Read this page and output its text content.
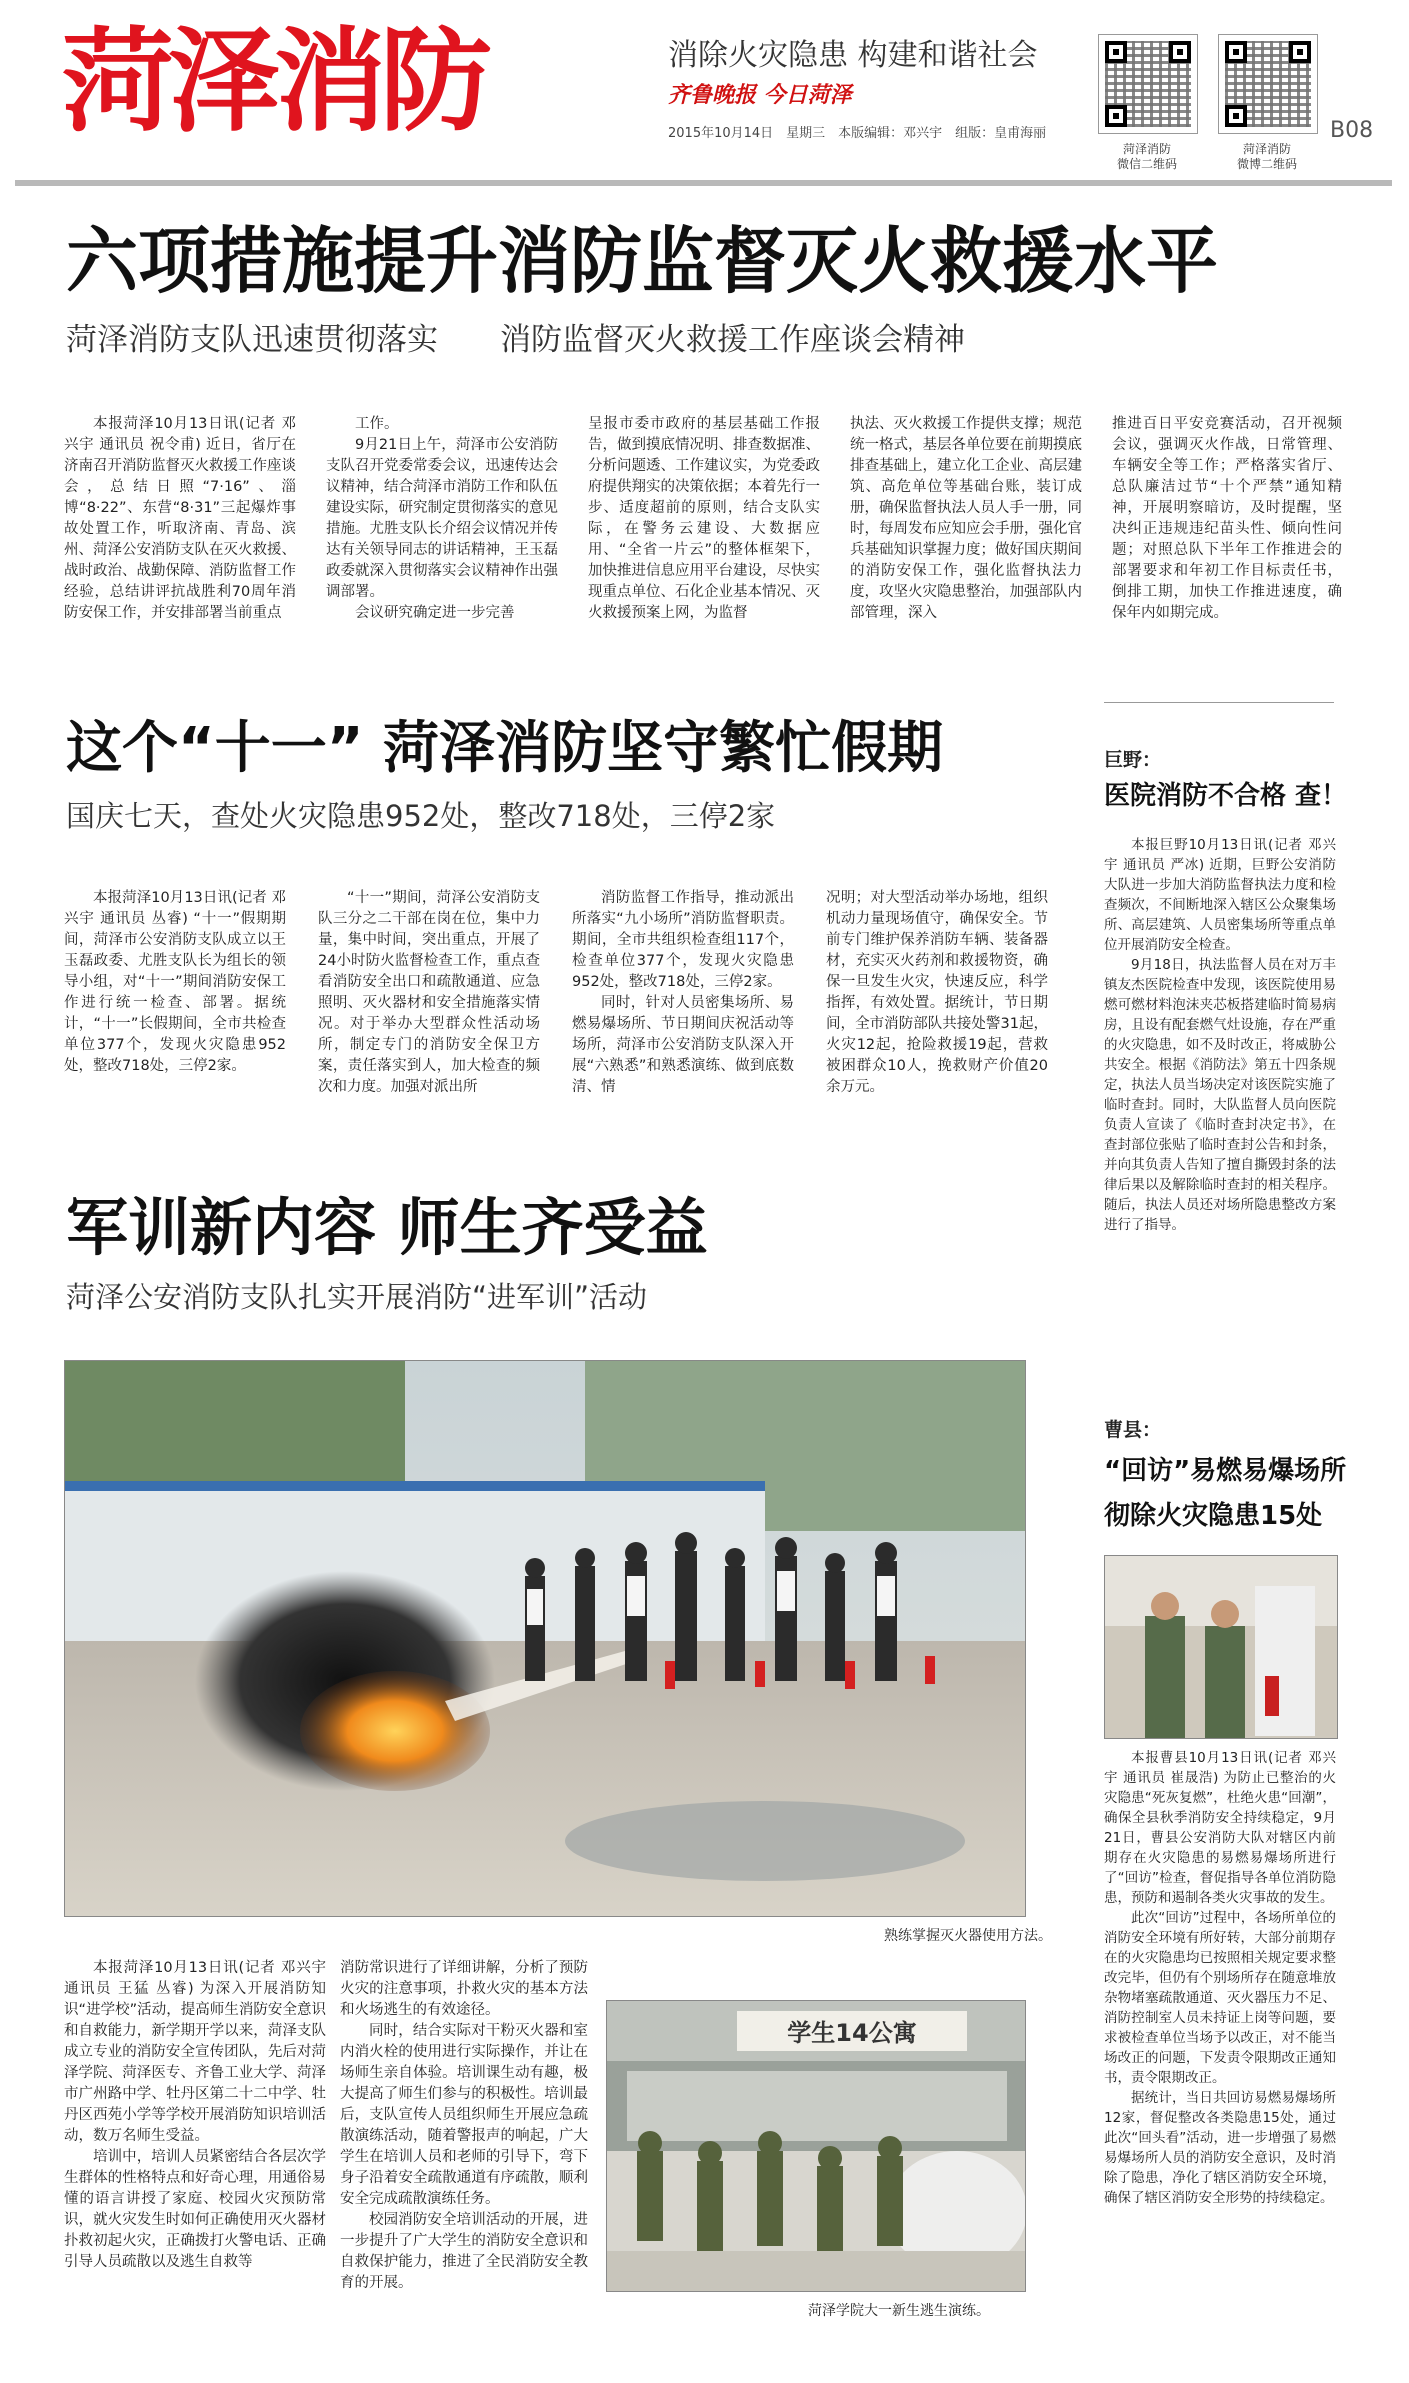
菏泽消防	消除火灾隐患 构建和谐社会
齐鲁晚报 今日菏泽
2015年10月14日　星期三　本版编辑：邓兴宇　组版：皇甫海丽
菏泽消防
微信二维码
菏泽消防
微博二维码
B08
六项措施提升消防监督灭火救援水平
菏泽消防支队迅速贯彻落实　　消防监督灭火救援工作座谈会精神

本报菏泽10月13日讯(记者 邓兴宇 通讯员 祝令甫) 近日，省厅在济南召开消防监督灭火救援工作座谈会，总结日照“7·16”、淄博“8·22”、东营“8·31”三起爆炸事故处置工作，听取济南、青岛、滨州、菏泽公安消防支队在灭火救援、战时政治、战勤保障、消防监督工作经验，总结讲评抗战胜利70周年消防安保工作，并安排部署当前重点

工作。

9月21日上午，菏泽市公安消防支队召开党委常委会议，迅速传达会议精神，结合菏泽市消防工作和队伍建设实际，研究制定贯彻落实的意见措施。尤胜支队长介绍会议情况并传达有关领导同志的讲话精神，王玉磊政委就深入贯彻落实会议精神作出强调部署。

会议研究确定进一步完善

呈报市委市政府的基层基础工作报告，做到摸底情况明、排查数据准、分析问题透、工作建议实，为党委政府提供翔实的决策依据；本着先行一步、适度超前的原则，结合支队实际，在警务云建设、大数据应用、“全省一片云”的整体框架下，加快推进信息应用平台建设，尽快实现重点单位、石化企业基本情况、灭火救援预案上网，为监督

执法、灭火救援工作提供支撑；规范统一格式，基层各单位要在前期摸底排查基础上，建立化工企业、高层建筑、高危单位等基础台账，装订成册，确保监督执法人员人手一册，同时，每周发布应知应会手册，强化官兵基础知识掌握力度；做好国庆期间的消防安保工作，强化监督执法力度，攻坚火灾隐患整治，加强部队内部管理，深入

推进百日平安竞赛活动，召开视频会议，强调灭火作战，日常管理、车辆安全等工作；严格落实省厅、总队廉洁过节“十个严禁”通知精神，开展明察暗访，及时提醒，坚决纠正违规违纪苗头性、倾向性问题；对照总队下半年工作推进会的部署要求和年初工作目标责任书，倒排工期，加快工作推进速度，确保年内如期完成。

这个“十一” 菏泽消防坚守繁忙假期
国庆七天，查处火灾隐患952处，整改718处，三停2家

本报菏泽10月13日讯(记者 邓兴宇 通讯员 丛睿) “十一”假期期间，菏泽市公安消防支队成立以王玉磊政委、尤胜支队长为组长的领导小组，对“十一”期间消防安保工作进行统一检查、部署。据统计，“十一”长假期间，全市共检查单位377个，发现火灾隐患952处，整改718处，三停2家。

“十一”期间，菏泽公安消防支队三分之二干部在岗在位，集中力量，集中时间，突出重点，开展了24小时防火监督检查工作，重点查看消防安全出口和疏散通道、应急照明、灭火器材和安全措施落实情况。对于举办大型群众性活动场所，制定专门的消防安全保卫方案，责任落实到人，加大检查的频次和力度。加强对派出所

消防监督工作指导，推动派出所落实“九小场所”消防监督职责。期间，全市共组织检查组117个，检查单位377个，发现火灾隐患952处，整改718处，三停2家。

同时，针对人员密集场所、易燃易爆场所、节日期间庆祝活动等场所，菏泽市公安消防支队深入开展“六熟悉”和熟悉演练、做到底数清、情

况明；对大型活动举办场地，组织机动力量现场值守，确保安全。节前专门维护保养消防车辆、装备器材，充实灭火药剂和救援物资，确保一旦发生火灾，快速反应，科学指挥，有效处置。据统计，节日期间，全市消防部队共接处警31起，火灾12起，抢险救援19起，营救被困群众10人，挽救财产价值20余万元。

军训新内容 师生齐受益
菏泽公安消防支队扎实开展消防“进军训”活动
熟练掌握灭火器使用方法。

本报菏泽10月13日讯(记者 邓兴宇 通讯员 王猛 丛睿) 为深入开展消防知识“进学校”活动，提高师生消防安全意识和自救能力，新学期开学以来，菏泽支队成立专业的消防安全宣传团队，先后对菏泽学院、菏泽医专、齐鲁工业大学、菏泽市广州路中学、牡丹区第二十二中学、牡丹区西苑小学等学校开展消防知识培训活动，数万名师生受益。

培训中，培训人员紧密结合各层次学生群体的性格特点和好奇心理，用通俗易懂的语言讲授了家庭、校园火灾预防常识，就火灾发生时如何正确使用灭火器材扑救初起火灾，正确拨打火警电话、正确引导人员疏散以及逃生自救等

消防常识进行了详细讲解，分析了预防火灾的注意事项，扑救火灾的基本方法和火场逃生的有效途径。

同时，结合实际对干粉灭火器和室内消火栓的使用进行实际操作，并让在场师生亲自体验。培训课生动有趣，极大提高了师生们参与的积极性。培训最后，支队宣传人员组织师生开展应急疏散演练活动，随着警报声的响起，广大学生在培训人员和老师的引导下，弯下身子沿着安全疏散通道有序疏散，顺利安全完成疏散演练任务。

校园消防安全培训活动的开展，进一步提升了广大学生的消防安全意识和自救保护能力，推进了全民消防安全教育的开展。

学生14公寓
菏泽学院大一新生逃生演练。
巨野：
医院消防不合格 查！

本报巨野10月13日讯(记者 邓兴宇 通讯员 严冰) 近期，巨野公安消防大队进一步加大消防监督执法力度和检查频次，不间断地深入辖区公众聚集场所、高层建筑、人员密集场所等重点单位开展消防安全检查。

9月18日，执法监督人员在对万丰镇友杰医院检查中发现，该医院使用易燃可燃材料泡沫夹芯板搭建临时简易病房，且设有配套燃气灶设施，存在严重的火灾隐患，如不及时改正，将威胁公共安全。根据《消防法》第五十四条规定，执法人员当场决定对该医院实施了临时查封。同时，大队监督人员向医院负责人宣读了《临时查封决定书》，在查封部位张贴了临时查封公告和封条，并向其负责人告知了擅自撕毁封条的法律后果以及解除临时查封的相关程序。随后，执法人员还对场所隐患整改方案进行了指导。

曹县：
“回访”易燃易爆场所
彻除火灾隐患15处

本报曹县10月13日讯(记者 邓兴宇 通讯员 崔晟浩) 为防止已整治的火灾隐患“死灰复燃”，杜绝火患“回潮”，确保全县秋季消防安全持续稳定，9月21日，曹县公安消防大队对辖区内前期存在火灾隐患的易燃易爆场所进行了“回访”检查，督促指导各单位消防隐患，预防和遏制各类火灾事故的发生。

此次“回访”过程中，各场所单位的消防安全环境有所好转，大部分前期存在的火灾隐患均已按照相关规定要求整改完毕，但仍有个别场所存在随意堆放杂物堵塞疏散通道、灭火器压力不足、消防控制室人员未持证上岗等问题，要求被检查单位当场予以改正，对不能当场改正的问题，下发责令限期改正通知书，责令限期改正。

据统计，当日共回访易燃易爆场所12家，督促整改各类隐患15处，通过此次“回头看”活动，进一步增强了易燃易爆场所人员的消防安全意识，及时消除了隐患，净化了辖区消防安全环境，确保了辖区消防安全形势的持续稳定。
